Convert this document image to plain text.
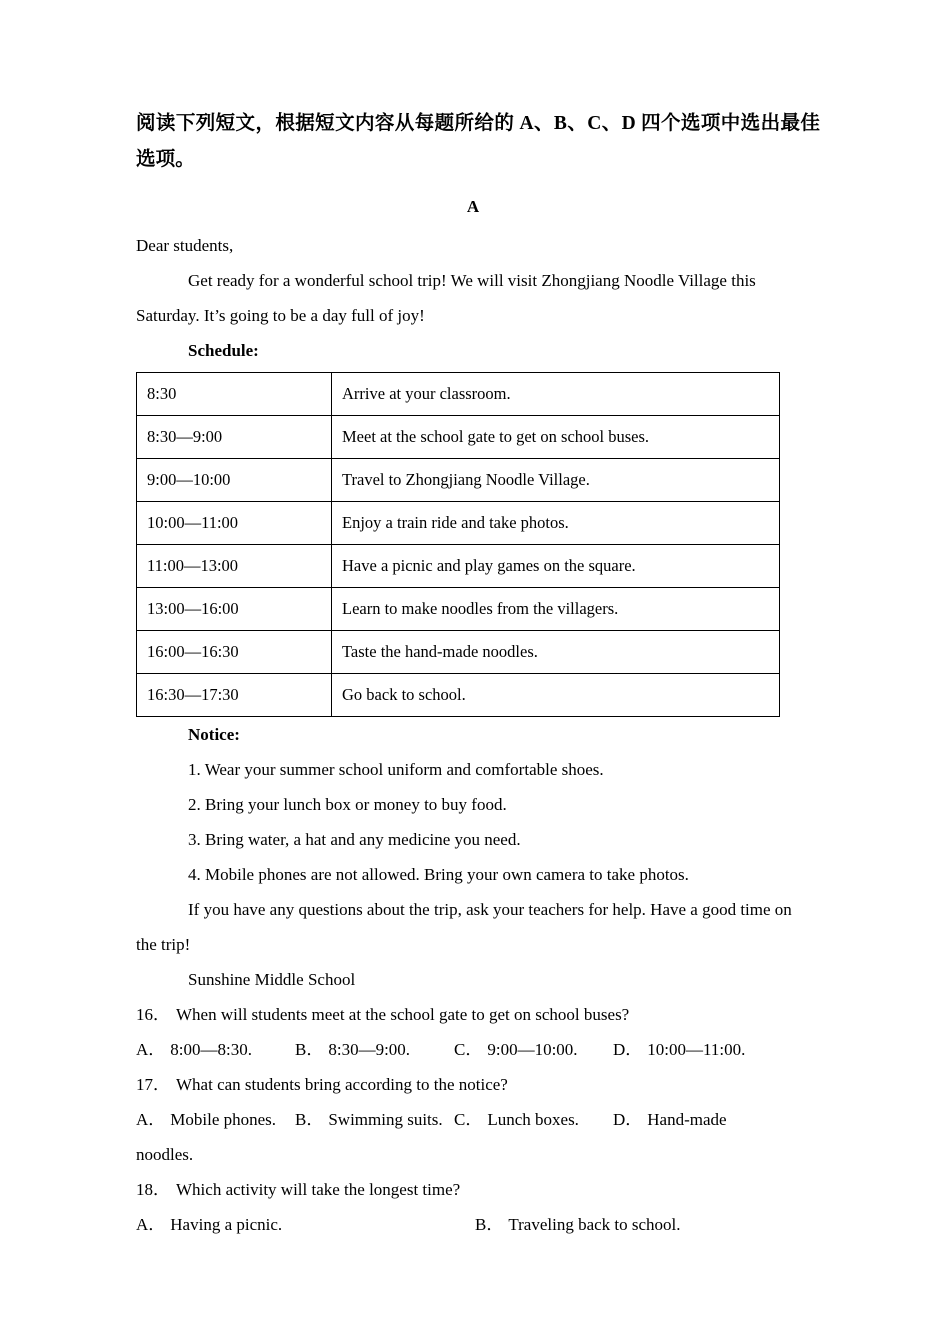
阅读下列短文，根据短文内容从每题所给的 A、B、C、D 四个选项中选出最佳选项。
A

Dear students,

Get ready for a wonderful school trip! We will visit Zhongjiang Noodle Village this

Saturday. It’s going to be a day full of joy!

Schedule:

8:30	Arrive at your classroom.
8:30—9:00	Meet at the school gate to get on school buses.
9:00—10:00	Travel to Zhongjiang Noodle Village.
10:00—11:00	Enjoy a train ride and take photos.
11:00—13:00	Have a picnic and play games on the square.
13:00—16:00	Learn to make noodles from the villagers.
16:00—16:30	Taste the hand-made noodles.
16:30—17:30	Go back to school.

Notice:

1. Wear your summer school uniform and comfortable shoes.

2. Bring your lunch box or money to buy food.

3. Bring water, a hat and any medicine you need.

4. Mobile phones are not allowed. Bring your own camera to take photos.

If you have any questions about the trip, ask your teachers for help. Have a good time on

the trip!

Sunshine Middle School

16． When will students meet at the school gate to get on school buses?

A． 8:00—8:30.	B． 8:30—9:00.	C． 9:00—10:00. D． 10:00—11:00.

17． What can students bring according to the notice?

A． Mobile phones. B． Swimming suits. C． Lunch boxes. D． Hand-made

noodles.

18． Which activity will take the longest time?

A． Having a picnic.	B． Traveling back to school.
